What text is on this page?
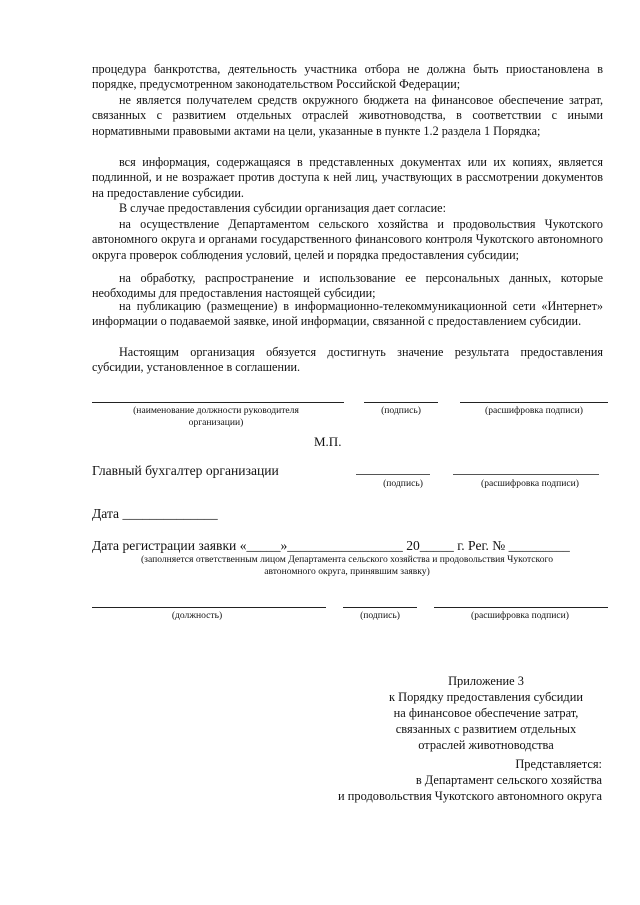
процедура банкротства, деятельность участника отбора не должна быть приостановлена в порядке, предусмотренном законодательством Российской Федерации;
не является получателем средств окружного бюджета на финансовое обеспечение затрат, связанных с развитием отдельных отраслей животноводства, в соответствии с иными нормативными правовыми актами на цели, указанные в пункте 1.2 раздела 1 Порядка;
вся информация, содержащаяся в представленных документах или их копиях, является подлинной, и не возражает против доступа к ней лиц, участвующих в рассмотрении документов на предоставление субсидии.
В случае предоставления субсидии организация дает согласие:
на осуществление Департаментом сельского хозяйства и продовольствия Чукотского автономного округа и органами государственного финансового контроля Чукотского автономного округа проверок соблюдения условий, целей и порядка предоставления субсидии;
на обработку, распространение и использование ее персональных данных, которые необходимы для предоставления настоящей субсидии;
на публикацию (размещение) в информационно-телекоммуникационной сети «Интернет» информации о подаваемой заявке, иной информации, связанной с предоставлением субсидии.
Настоящим организация обязуется достигнуть значение результата предоставления субсидии, установленное в соглашении.
(наименование должности руководителя организации)
(подпись)	(расшифровка подписи)
М.П.
Главный бухгалтер организации
(подпись)	(расшифровка подписи)
Дата ______________
Дата регистрации заявки «_____»_________________ 20_____ г. Рег. № _________
(заполняется ответственным лицом Департамента сельского хозяйства и продовольствия Чукотского автономного округа, принявшим заявку)
(должность)	(подпись)	(расшифровка подписи)
Приложение 3
к Порядку предоставления субсидии
на финансовое обеспечение затрат,
связанных с развитием отдельных
отраслей животноводства
Представляется:
в Департамент сельского хозяйства
и продовольствия Чукотского автономного округа
